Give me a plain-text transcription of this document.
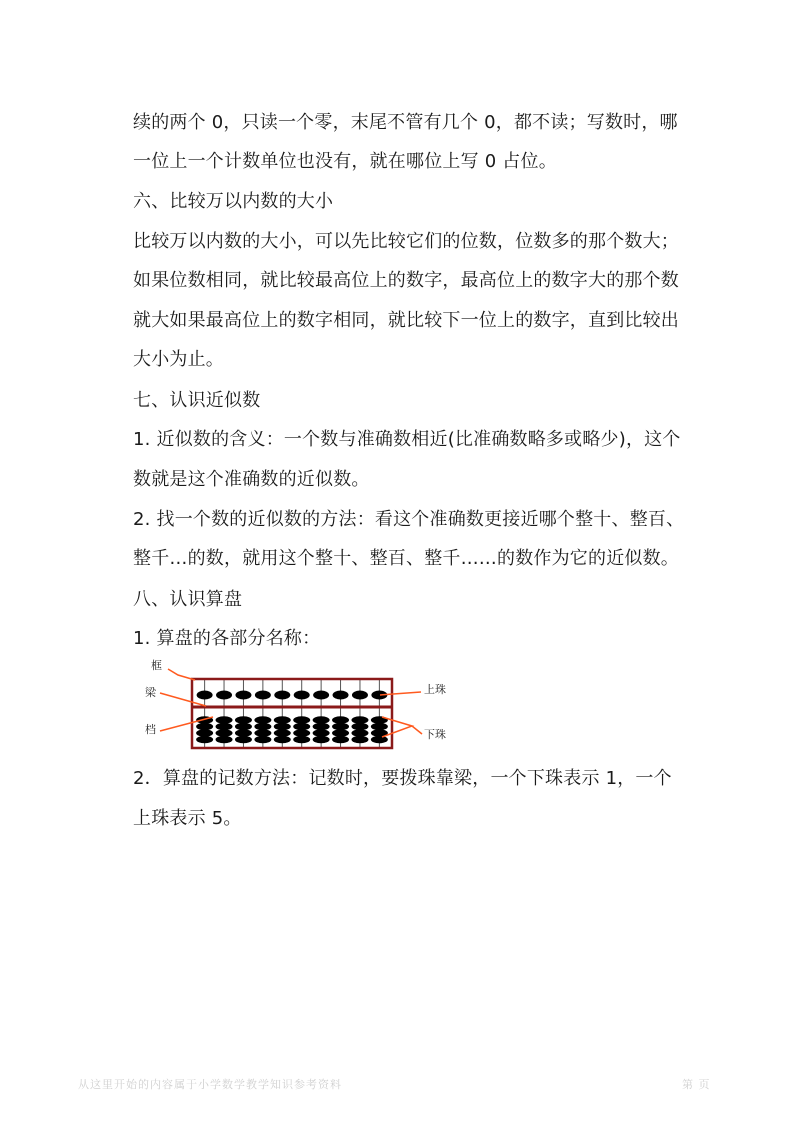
续的两个 0，只读一个零，末尾不管有几个 0，都不读；写数时，哪
一位上一个计数单位也没有，就在哪位上写 0 占位。
六、比较万以内数的大小
比较万以内数的大小，可以先比较它们的位数，位数多的那个数大；
如果位数相同，就比较最高位上的数字，最高位上的数字大的那个数
就大如果最高位上的数字相同，就比较下一位上的数字，直到比较出
大小为止。
七、认识近似数
1. 近似数的含义：一个数与准确数相近(比准确数略多或略少)，这个
数就是这个准确数的近似数。
2. 找一个数的近似数的方法：看这个准确数更接近哪个整十、整百、
整千…的数，就用这个整十、整百、整千……的数作为它的近似数。
八、认识算盘
1. 算盘的各部分名称：
框
梁
档
上珠
下珠
2．算盘的记数方法：记数时，要拨珠靠梁，一个下珠表示 1，一个
上珠表示 5。
从这里开始的内容属于小学数学教学知识参考资料	第 页
